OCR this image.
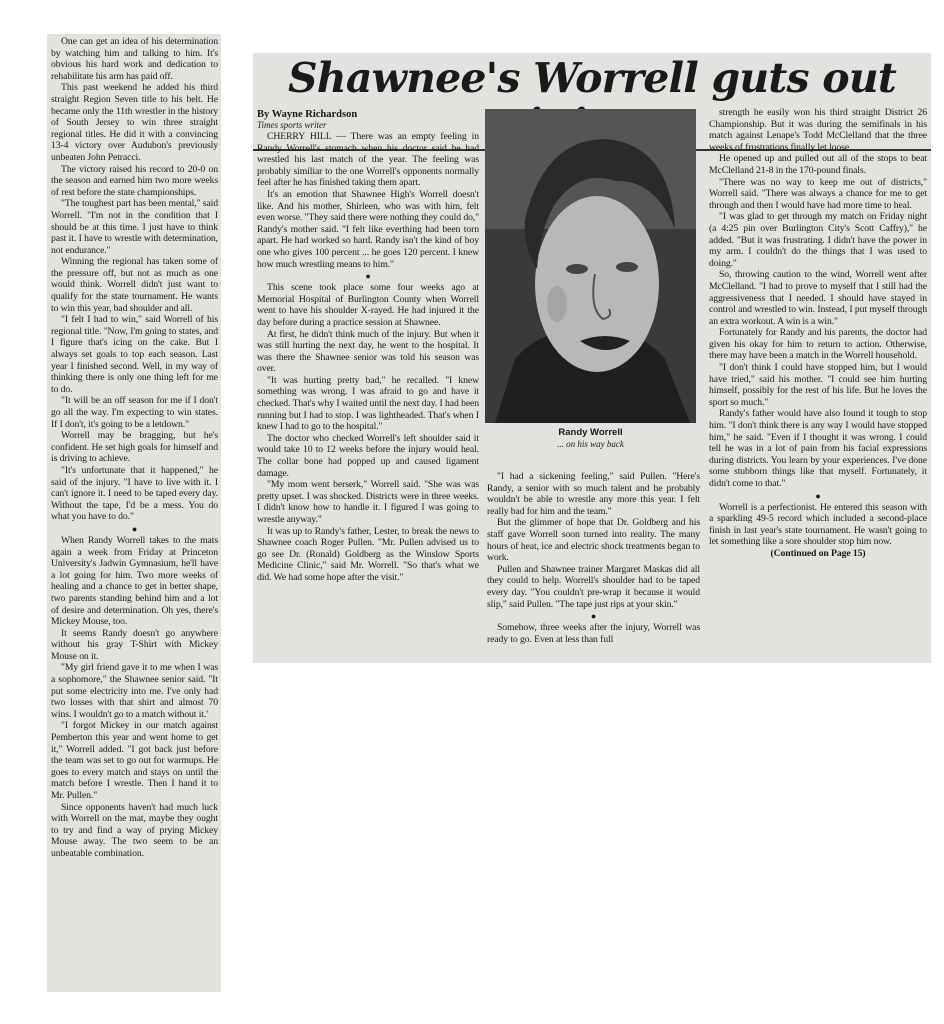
One can get an idea of his determination by watching him and talking to him. It's obvious his hard work and dedication to rehabilitate his arm has paid off.

This past weekend he added his third straight Region Seven title to his belt. He became only the 11th wrestler in the history of South Jersey to win three straight regional titles. He did it with a convincing 13-4 victory over Audubon's previously unbeaten John Petracci.

The victory raised his record to 20-0 on the season and earned him two more weeks of rest before the state championships.

"The toughest part has been mental," said Worrell. "I'm not in the condition that I should be at this time. I just have to think past it. I have to wrestle with determination, not endurance."

Winning the regional has taken some of the pressure off, but not as much as one would think. Worrell didn't just want to qualify for the state tournament. He wants to win this year, bad shoulder and all.

"I felt I had to win," said Worrell of his regional title. "Now, I'm going to states, and I figure that's icing on the cake. But I always set goals to top each season. Last year I finished second. Well, in my way of thinking there is only one thing left for me to do.

"It will be an off season for me if I don't go all the way. I'm expecting to win states. If I don't, it's going to be a letdown."

Worrell may be bragging, but he's confident. He set high goals for himself and is driving to achieve.

"It's unfortunate that it happened," he said of the injury. "I have to live with it. I can't ignore it. I need to be taped every day. Without the tape, I'd be a mess. You do what you have to do."

●

When Randy Worrell takes to the mats again a week from Friday at Princeton University's Jadwin Gymnasium, he'll have a lot going for him. Two more weeks of healing and a chance to get in better shape, two parents standing behind him and a lot of desire and determination. Oh yes, there's Mickey Mouse, too.

It seems Randy doesn't go anywhere without his gray T-Shirt with Mickey Mouse on it.

"My girl friend gave it to me when I was a sophomore," the Shawnee senior said. "It put some electricity into me. I've only had two losses with that shirt and almost 70 wins. I wouldn't go to a match without it.'

"I forgot Mickey in our match against Pemberton this year and went home to get it," Worrell added. "I got back just before the team was set to go out for warmups. He goes to every match and stays on until the match before I wrestle. Then I hand it to Mr. Pullen."

Since opponents haven't had much luck with Worrell on the mat, maybe they ought to try and find a way of prying Mickey Mouse away. The two seem to be an unbeatable combination.

Shawnee's Worrell guts out
By Wayne Richardson
Times sports writer

CHERRY HILL — There was an empty feeling in Randy Worrell's stomach when his doctor said he had wrestled his last match of the year. The feeling was probably similiar to the one Worrell's opponents normally feel after he has finished taking them apart.

It's an emotion that Shawnee High's Worrell doesn't like. And his mother, Shirleen, who was with him, felt even worse. "They said there were nothing they could do," Randy's mother said. "I felt like everthing had been torn apart. He had worked so hard. Randy isn't the kind of boy one who gives 100 percent ... he goes 120 percent. I knew how much wrestling means to him."

●

This scene took place some four weeks ago at Memorial Hospital of Burlington County when Worrell went to have his shoulder X-rayed. He had injured it the day before during a practice session at Shawnee.

At first, he didn't think much of the injury. But when it was still hurting the next day, he went to the hospital. It was there the Shawnee senior was told his season was over.

"It was hurting pretty bad," he recalled. "I knew something was wrong. I was afraid to go and have it checked. That's why I waited until the next day. I had been running but I had to stop. I was lightheaded. That's when I knew I had to go to the hospital."

The doctor who checked Worrell's left shoulder said it would take 10 to 12 weeks before the injury would heal. The collar bone had popped up and caused ligament damage.

"My mom went berserk," Worrell said. "She was was pretty upset. I was shocked. Districts were in three weeks. I didn't know how to handle it. I figured I was going to wrestle anyway."

It was up to Randy's father, Lester, to break the news to Shawnee coach Roger Pullen. "Mr. Pullen advised us to go see Dr. (Ronald) Goldberg as the Winslow Sports Medicine Clinic," said Mr. Worrell. "So that's what we did. We had some hope after the visit."

Randy Worrell
... on his way back

"I had a sickening feeling," said Pullen. "Here's Randy, a senior with so much talent and he probably wouldn't be able to wrestle any more this year. I felt really bad for him and the team."

But the glimmer of hope that Dr. Goldberg and his staff gave Worrell soon turned into reality. The many hours of heat, ice and electric shock treatments began to work.

Pullen and Shawnee trainer Margaret Maskas did all they could to help. Worrell's shoulder had to be taped every day. "You couldn't pre-wrap it because it would slip," said Pullen. "The tape just rips at your skin."

●

Somehow, three weeks after the injury, Worrell was ready to go. Even at less than full

strength he easily won his third straight District 26 Championship. But it was during the semifinals in his match against Lenape's Todd McClelland that the three weeks of frustrations finally let loose.

He opened up and pulled out all of the stops to beat McClelland 21-8 in the 170-pound finals.

"There was no way to keep me out of districts," Worrell said. "There was always a chance for me to get through and then I would have had more time to heal.

"I was glad to get through my match on Friday night (a 4:25 pin over Burlington City's Scott Caffry)," he added. "But it was frustrating. I didn't have the power in my arm. I couldn't do the things that I was used to doing."

So, throwing caution to the wind, Worrell went after McClelland. "I had to prove to myself that I still had the aggressiveness that I needed. I should have stayed in control and wrestled to win. Instead, I put myself through an extra workout. A win is a win."

Fortunately for Randy and his parents, the doctor had given his okay for him to return to action. Otherwise, there may have been a match in the Worrell household.

"I don't think I could have stopped him, but I would have tried," said his mother. "I could see him hurting himself, possibly for the rest of his life. But he loves the sport so much."

Randy's father would have also found it tough to stop him. "I don't think there is any way I would have stopped him," he said. "Even if I thought it was wrong. I could tell he was in a lot of pain from his facial expressions during districts. You learn by your experiences. I've done some stubborn things like that myself. Fortunately, it didn't come to that."

●

Worrell is a perfectionist. He entered this season with a sparkling 49-5 record which included a second-place finish in last year's state tournament. He wasn't going to let something like a sore shoulder stop him now.

(Continued on Page 15)
